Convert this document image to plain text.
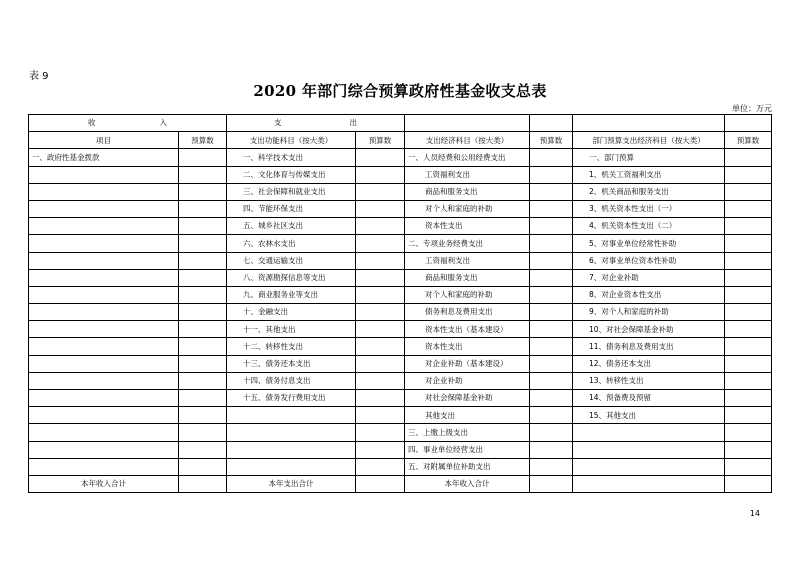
表 9
2020 年部门综合预算政府性基金收支总表
单位：万元
收 入		支 出					
项目	预算数	支出功能科目（按大类）	预算数	支出经济科目（按大类）	预算数	部门预算支出经济科目（按大类）	预算数
一、政府性基金拨款		一、科学技术支出		一、人员经费和公用经费支出		一、部门预算	
		二、文化体育与传媒支出		工资福利支出		1、机关工资福利支出	
		三、社会保障和就业支出		商品和服务支出		2、机关商品和服务支出	
		四、节能环保支出		对个人和家庭的补助		3、机关资本性支出（一）	
		五、城乡社区支出		资本性支出		4、机关资本性支出（二）	
		六、农林水支出		二、专项业务经费支出		5、对事业单位经常性补助	
		七、交通运输支出		工资福利支出		6、对事业单位资本性补助	
		八、资源勘探信息等支出		商品和服务支出		7、对企业补助	
		九、商业服务业等支出		对个人和家庭的补助		8、对企业资本性支出	
		十、金融支出		债务利息及费用支出		9、对个人和家庭的补助	
		十一、其他支出		资本性支出（基本建设）		10、对社会保障基金补助	
		十二、转移性支出		资本性支出		11、债务利息及费用支出	
		十三、债务还本支出		对企业补助（基本建设）		12、债务还本支出	
		十四、债务付息支出		对企业补助		13、转移性支出	
		十五、债务发行费用支出		对社会保障基金补助		14、预备费及预留	
				其他支出		15、其他支出	
				三、上缴上级支出			
				四、事业单位经营支出			
				五、对附属单位补助支出			
本年收入合计		本年支出合计		本年收入合计			
14
